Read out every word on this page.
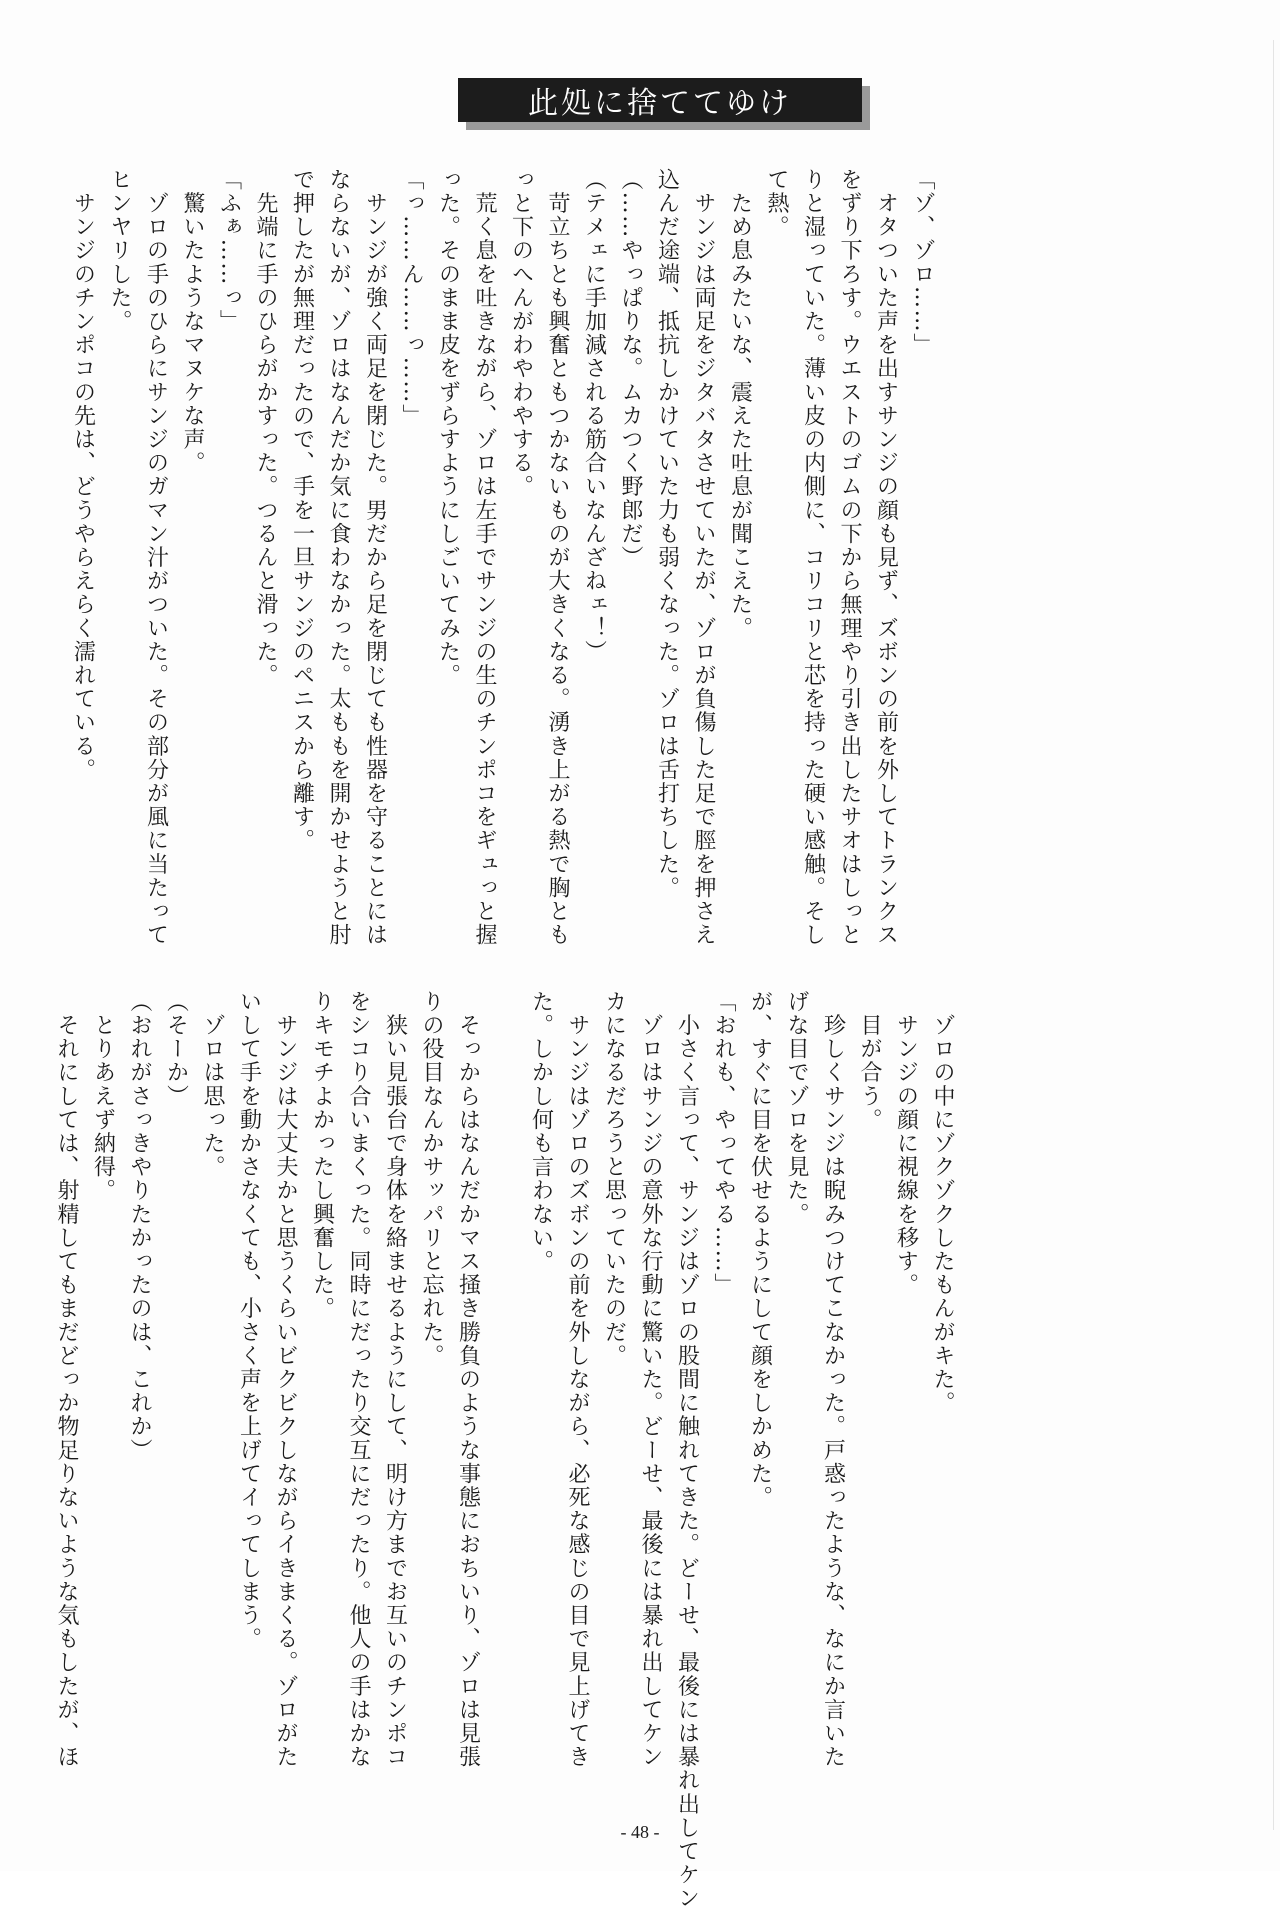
此処に捨ててゆけ
「ゾ、ゾロ……」
　オタついた声を出すサンジの顔も見ず、ズボンの前を外してトランクス
をずり下ろす。ウエストのゴムの下から無理やり引き出したサオはしっと
りと湿っていた。薄い皮の内側に、コリコリと芯を持った硬い感触。そし
て熱。
　ため息みたいな、震えた吐息が聞こえた。
　サンジは両足をジタバタさせていたが、ゾロが負傷した足で脛を押さえ
込んだ途端、抵抗しかけていた力も弱くなった。ゾロは舌打ちした。
（……やっぱりな。ムカつく野郎だ）
（テメェに手加減される筋合いなんざねェ！）
　苛立ちとも興奮ともつかないものが大きくなる。湧き上がる熱で胸とも
っと下のへんがわやわやする。
　荒く息を吐きながら、ゾロは左手でサンジの生のチンポコをギュっと握
った。そのまま皮をずらすようにしごいてみた。
「っ……ん……っ……」
　サンジが強く両足を閉じた。男だから足を閉じても性器を守ることには
ならないが、ゾロはなんだか気に食わなかった。太ももを開かせようと肘
で押したが無理だったので、手を一旦サンジのペニスから離す。
　先端に手のひらがかすった。つるんと滑った。
「ふぁ……っ」
　驚いたようなマヌケな声。
　ゾロの手のひらにサンジのガマン汁がついた。その部分が風に当たって
ヒンヤリした。
　サンジのチンポコの先は、どうやらえらく濡れている。
　ゾロの中にゾクゾクしたもんがキた。
　サンジの顔に視線を移す。
　目が合う。
　珍しくサンジは睨みつけてこなかった。戸惑ったような、なにか言いた
げな目でゾロを見た。
が、すぐに目を伏せるようにして顔をしかめた。
「おれも、やってやる……」
　小さく言って、サンジはゾロの股間に触れてきた。どーせ、最後には暴れ出してケン
　ゾロはサンジの意外な行動に驚いた。どーせ、最後には暴れ出してケン
カになるだろうと思っていたのだ。
　サンジはゾロのズボンの前を外しながら、必死な感じの目で見上げてき
た。しかし何も言わない。

　そっからはなんだかマス掻き勝負のような事態におちいり、ゾロは見張
りの役目なんかサッパリと忘れた。
　狭い見張台で身体を絡ませるようにして、明け方までお互いのチンポコ
をシコり合いまくった。同時にだったり交互にだったり。他人の手はかな
りキモチよかったし興奮した。
　サンジは大丈夫かと思うくらいビクビクしながらイきまくる。ゾロがた
いして手を動かさなくても、小さく声を上げてイってしまう。
　ゾロは思った。
（そーか）
（おれがさっきやりたかったのは、これか）
　とりあえず納得。
　それにしては、射精してもまだどっか物足りないような気もしたが、ほ
- 48 -
